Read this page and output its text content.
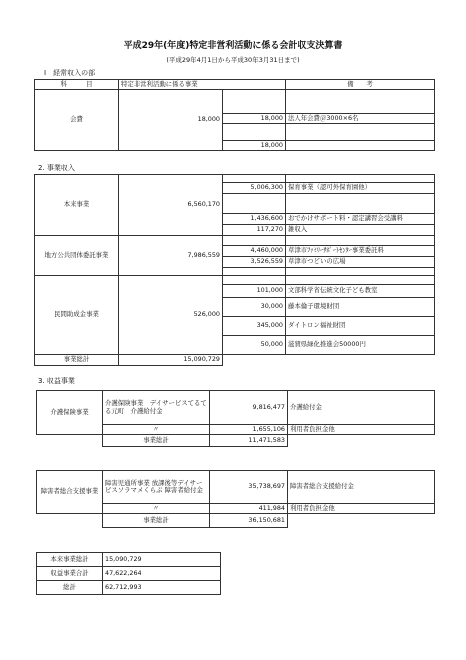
平成29年(年度)特定非営利活動に係る会計収支決算書
(平成29年4月1日から平成30年3月31日まで)
Ⅰ　経常収入の部
科　　　目	特定非営利活動に係る事業		備　　考
会費	18,000		
		18,000	法人年会費＠3000×6名

		18,000	
2. 事業収入
本来事業	6,560,170		
		5,006,300	保育事業（認可外保育園他）

		1,436,600	おでかけサポート料・認定講習会受講料
		117,270	雑収入
地方公共団体委託事業	7,986,559		
		4,460,000	草津市ﾌｧﾐﾘｰｻﾎﾟｰﾄｾﾝﾀｰ事業委託料
		3,526,559	草津市つどいの広場

民間助成金事業	526,000		
		101,000	文部科学省伝統文化子ども教室
		30,000	藤本倫子環境財団
		345,000	ダイトロン福祉財団
		50,000	滋賀県緑化推進会50000円
事業総計	15,090,729		
3. 収益事業
介護保険事業	介護保険事業　デイサービスてるてる元町　介護給付金	9,816,477	介護給付金
	〃	1,655,106	利用者負担金他
	事業総計	11,471,583	
障害者総合支援事業	障害児通所事業 放課後等デイサービスソラマメくらぶ 障害者給付金	35,738,697	障害者総合支援給付金
	〃	411,984	利用者負担金他
	事業総計	36,150,681	
本来事業総計	15,090,729
収益事業合計	47,622,264
総計	62,712,993
